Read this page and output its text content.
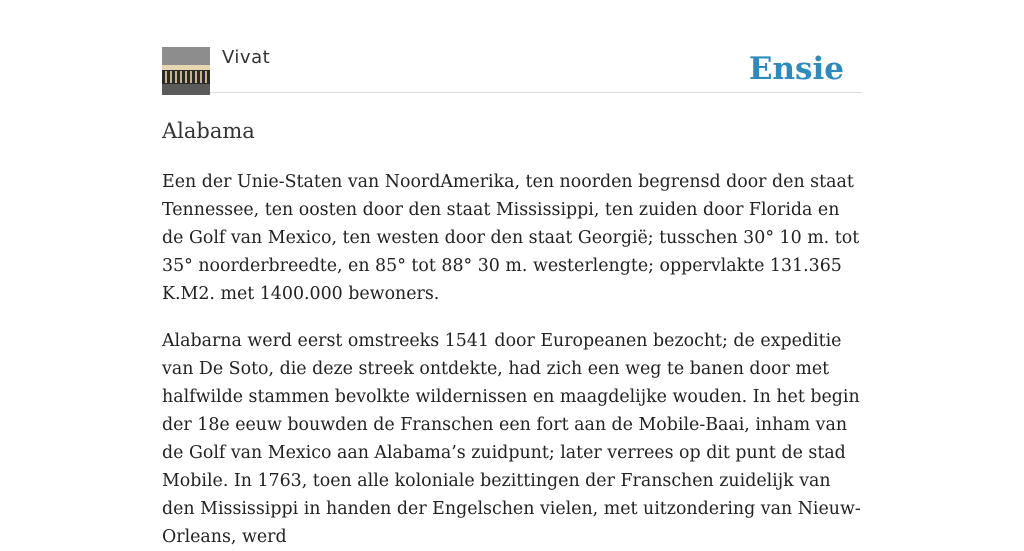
Vivat	Ensie
Alabama

Een der Unie-Staten van NoordAmerika, ten noorden begrensd door den staat Tennessee, ten oosten door den staat Mississippi, ten zuiden door Florida en de Golf van Mexico, ten westen door den staat Georgië; tusschen 30° 10 m. tot 35° noorderbreedte, en 85° tot 88° 30 m. westerlengte; oppervlakte 131.365 K.M2. met 1400.000 bewoners.

Alabarna werd eerst omstreeks 1541 door Europeanen bezocht; de expeditie van De Soto, die deze streek ontdekte, had zich een weg te banen door met halfwilde stammen bevolkte wildernissen en maagdelijke wouden. In het begin der 18e eeuw bouwden de Franschen een fort aan de Mobile-Baai, inham van de Golf van Mexico aan Alabama’s zuidpunt; later verrees op dit punt de stad Mobile. In 1763, toen alle koloniale bezittingen der Franschen zuidelijk van den Mississippi in handen der Engelschen vielen, met uitzondering van Nieuw-Orleans, werd
